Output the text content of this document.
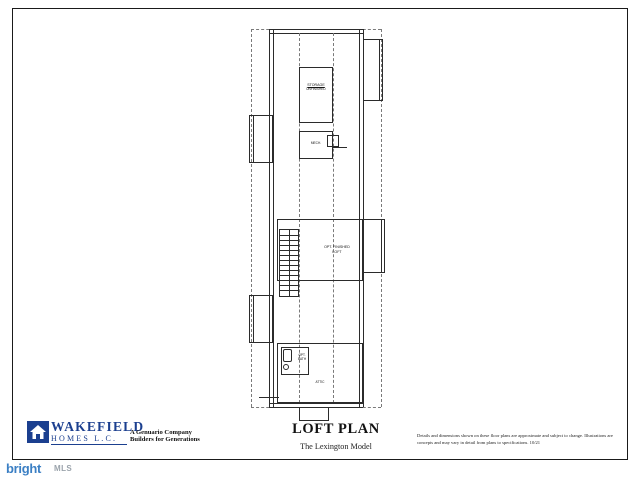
STORAGE
UNFINISHED
MECH.
OPT. FINISHED
LOFT
OPT.
BATH
ATTIC
LOFT PLAN
The Lexington Model
Details and dimensions shown on these floor plans are approximate and subject to change. Illustrations are concepts and may vary in detail from plans to specifications. 10/21
WAKEFIELD
HOMES L.C.
A Genuario Company
Builders for Generations
bright MLS
